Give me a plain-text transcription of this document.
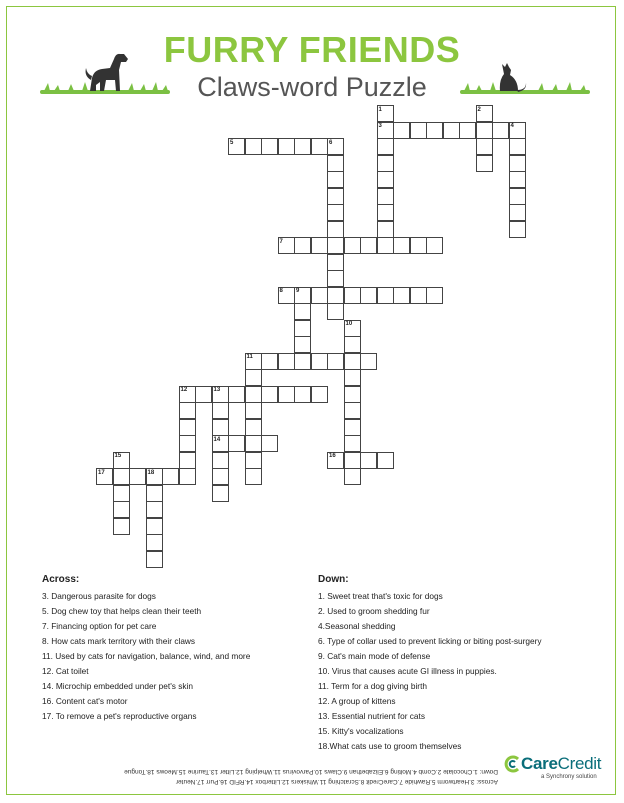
FURRY FRIENDS
Claws-word Puzzle
1	2
3	4
5	6
7
8 9
10
11
12	13
14
16
15
17	18
Across:
3. Dangerous parasite for dogs
5. Dog chew toy that helps clean their teeth
7. Financing option for pet care
8. How cats mark territory with their claws
11. Used by cats for navigation, balance, wind, and more
12. Cat toilet
14. Microchip embedded under pet's skin
16. Content cat's motor
17. To remove a pet's reproductive organs
Down:
1. Sweet treat that's toxic for dogs
2. Used to groom shedding fur
4.Seasonal shedding
6. Type of collar used to prevent licking or biting post-surgery
9. Cat's main mode of defense
10. Virus that causes acute GI illness in puppies.
11. Term for a dog giving birth
12. A group of kittens
13. Essential nutrient for cats
15. Kitty's vocalizations
18.What cats use to groom themselves
Across: 3.Heartworm 5.Rawhide 7.CareCredit 8.Scratching 11.Whiskers 12.Litterbox 14.RFID 16.Purr 17.Neuter
Down: 1.Chocolate 2.Comb 4.Molting 6.Elizabethan 9.Claws 10.Parvovirus 11.Whelping 12.Litter 13.Taurine 15.Meows 18.Tongue CareCredit
a Synchrony solution
